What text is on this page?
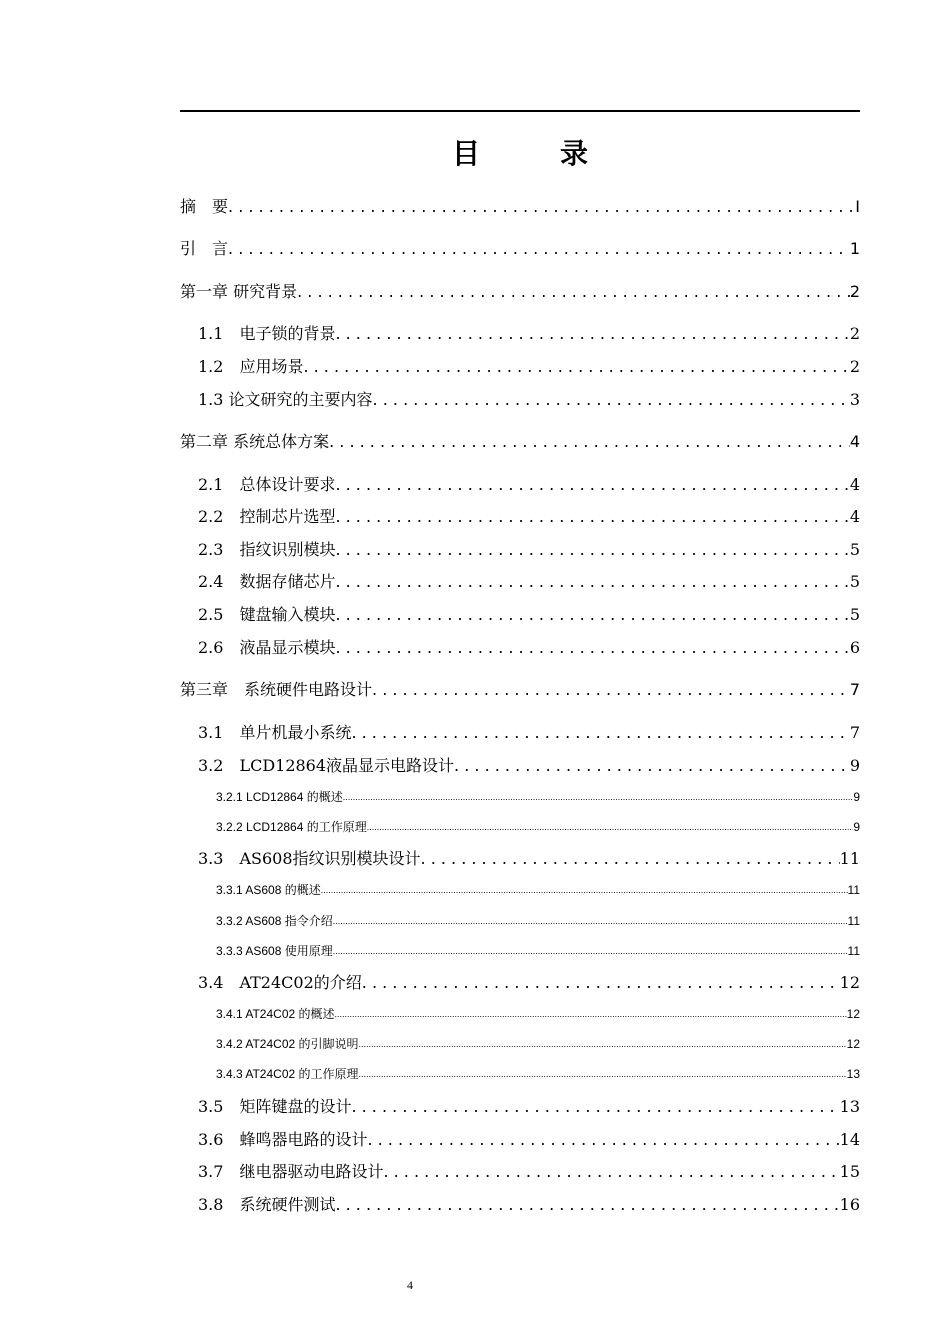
目　录
摘　要 . . .	I
引　言 . . .	1
第一章 研究背景 . . .	2
1.1　电子锁的背景 . . .	2
1.2　应用场景 . . .	2
1.3 论文研究的主要内容 . . .	3
第二章 系统总体方案 . . .	4
2.1　总体设计要求 . . .	4
2.2　控制芯片选型 . . .	4
2.3　指纹识别模块 . . .	5
2.4　数据存储芯片 . . .	5
2.5　键盘输入模块 . . .	5
2.6　液晶显示模块 . . .	6
第三章　系统硬件电路设计 . . .	7
3.1　单片机最小系统 . . .	7
3.2　LCD12864液晶显示电路设计 . . .	9
3.2.1 LCD12864 的概述 .....	9
3.2.2 LCD12864 的工作原理 .....	9
3.3　AS608指纹识别模块设计 . . .	11
3.3.1 AS608 的概述 .....	11
3.3.2 AS608 指令介绍 .....	11
3.3.3 AS608 使用原理 .....	11
3.4　AT24C02的介绍 . . .	12
3.4.1 AT24C02 的概述 .....	12
3.4.2 AT24C02 的引脚说明 .....	12
3.4.3 AT24C02 的工作原理 .....	13
3.5　矩阵键盘的设计 . . .	13
3.6　蜂鸣器电路的设计 . . .	14
3.7　继电器驱动电路设计 . . .	15
3.8　系统硬件测试 . . .	16
4
